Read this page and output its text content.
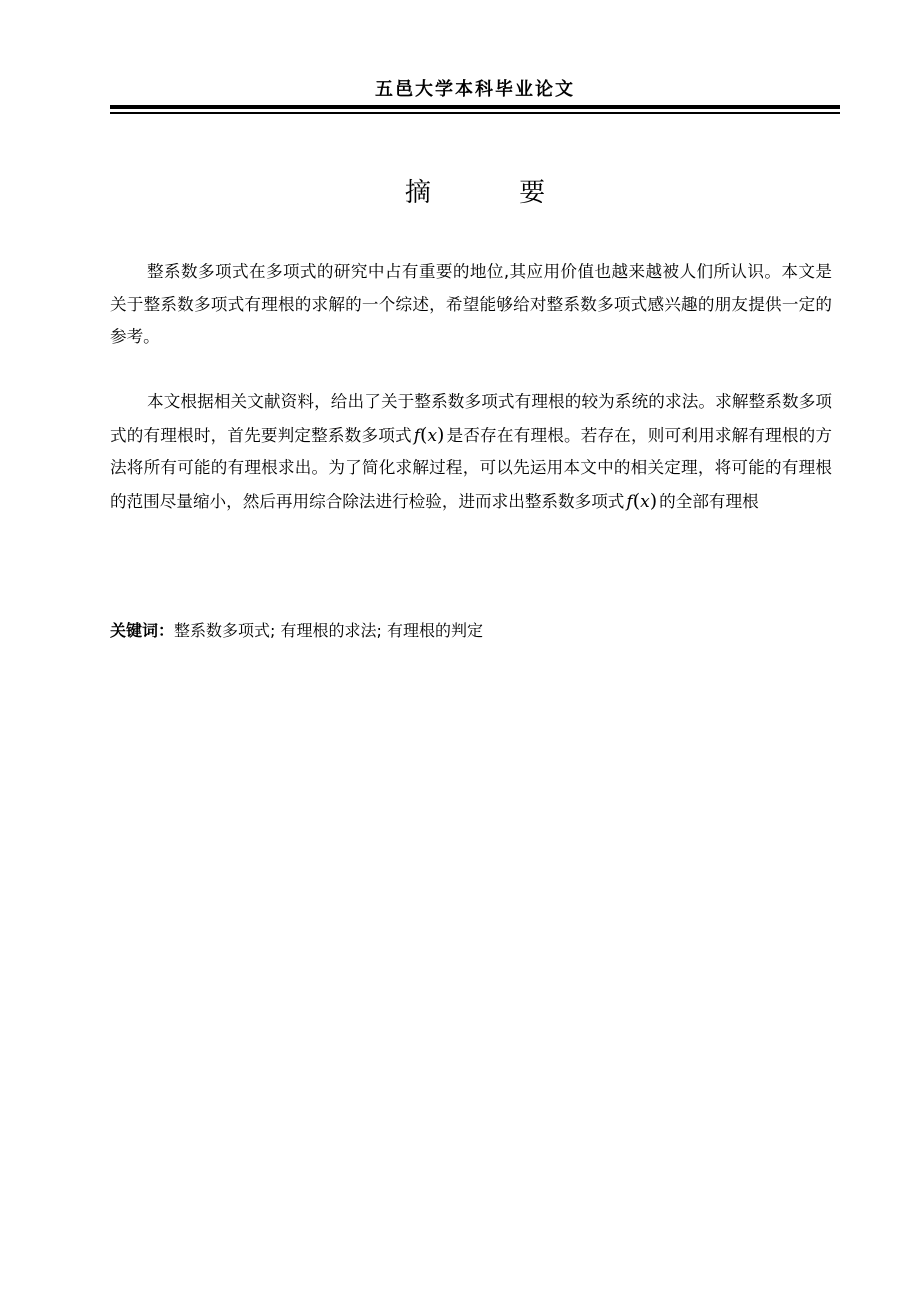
五邑大学本科毕业论文
摘 要
整系数多项式在多项式的研究中占有重要的地位,其应用价值也越来越被人们所认识。本文是关于整系数多项式有理根的求解的一个综述，希望能够给对整系数多项式感兴趣的朋友提供一定的参考。
本文根据相关文献资料，给出了关于整系数多项式有理根的较为系统的求法。求解整系数多项式的有理根时，首先要判定整系数多项式 f(x) 是否存在有理根。若存在，则可利用求解有理根的方法将所有可能的有理根求出。为了简化求解过程，可以先运用本文中的相关定理，将可能的有理根的范围尽量缩小，然后再用综合除法进行检验，进而求出整系数多项式 f(x) 的全部有理根
关键词：整系数多项式; 有理根的求法; 有理根的判定
